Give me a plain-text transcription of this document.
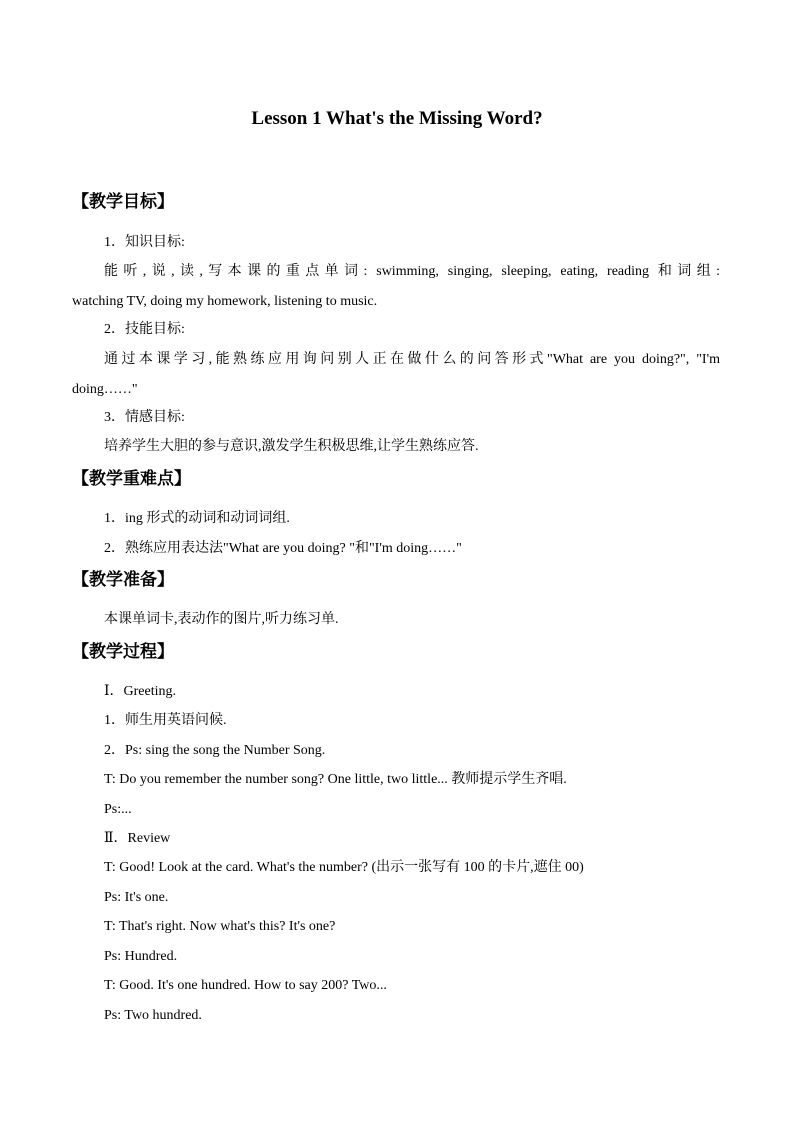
Lesson 1 What's the Missing Word?
【教学目标】
1．知识目标:
能听,说,读,写本课的重点单词: swimming, singing, sleeping, eating, reading 和词组:
watching TV, doing my homework, listening to music.
2．技能目标:
通过本课学习,能熟练应用询问别人正在做什么的问答形式"What are you doing?", "I'm
doing……"
3．情感目标:
培养学生大胆的参与意识,激发学生积极思维,让学生熟练应答.
【教学重难点】
1．ing 形式的动词和动词词组.
2．熟练应用表达法"What are you doing? "和"I'm doing……"
【教学准备】
本课单词卡,表动作的图片,听力练习单.
【教学过程】
Ⅰ．Greeting.
1．师生用英语问候.
2．Ps: sing the song the Number Song.
T: Do you remember the number song? One little, two little... 教师提示学生齐唱.
Ps:...
Ⅱ．Review
T: Good! Look at the card. What's the number? (出示一张写有 100 的卡片,遮住 00)
Ps: It's one.
T: That's right. Now what's this? It's one?
Ps: Hundred.
T: Good. It's one hundred. How to say 200? Two...
Ps: Two hundred.
